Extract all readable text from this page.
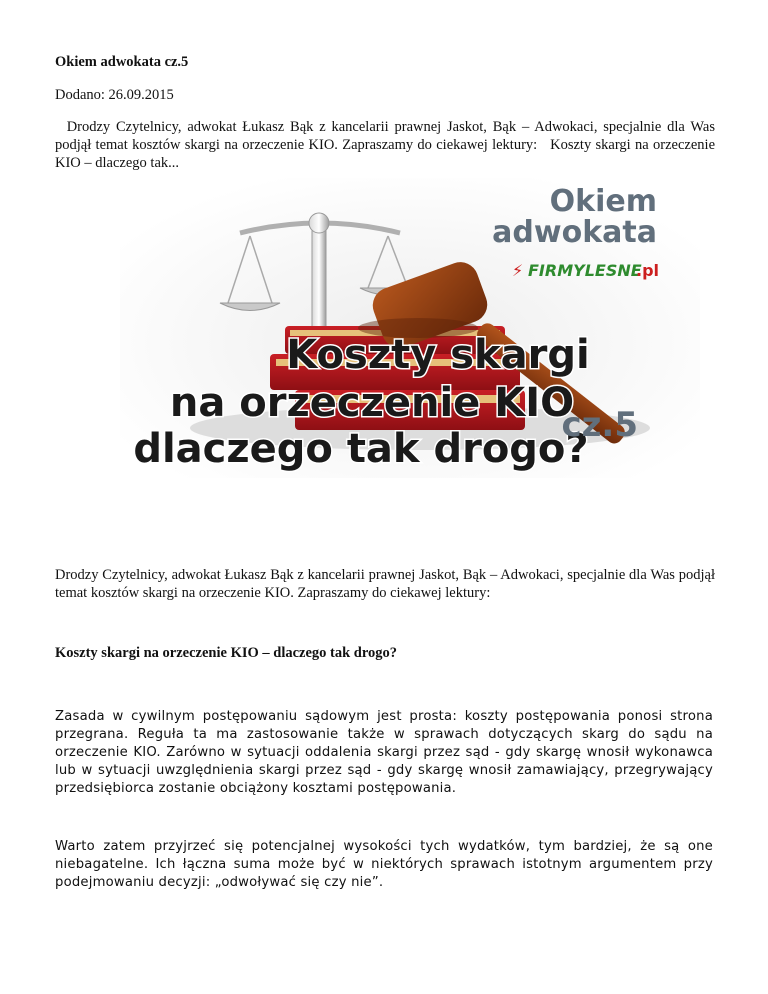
Okiem adwokata cz.5
Dodano: 26.09.2015
Drodzy Czytelnicy, adwokat Łukasz Bąk z kancelarii prawnej Jaskot, Bąk – Adwokaci, specjalnie dla Was podjął temat kosztów skargi na orzeczenie KIO. Zapraszamy do ciekawej lektury:   Koszty skargi na orzeczenie KIO – dlaczego tak...
Okiem
adwokata
⚡ FIRMYLESNE
.pl
Koszty skargi
na orzeczenie KIO
– dlaczego tak drogo?
cz.5
Drodzy Czytelnicy, adwokat Łukasz Bąk z kancelarii prawnej Jaskot, Bąk – Adwokaci, specjalnie dla Was podjął temat kosztów skargi na orzeczenie KIO. Zapraszamy do ciekawej lektury:
Koszty skargi na orzeczenie KIO – dlaczego tak drogo?
Zasada w cywilnym postępowaniu sądowym jest prosta: koszty postępowania ponosi strona przegrana. Reguła ta ma zastosowanie także w sprawach dotyczących skarg do sądu na orzeczenie KIO. Zarówno w sytuacji oddalenia skargi przez sąd - gdy skargę wnosił wykonawca lub w sytuacji uwzględnienia skargi przez sąd - gdy skargę wnosił zamawiający, przegrywający przedsiębiorca zostanie obciążony kosztami postępowania.
Warto zatem przyjrzeć się potencjalnej wysokości tych wydatków, tym bardziej, że są one niebagatelne. Ich łączna suma może być w niektórych sprawach istotnym argumentem przy podejmowaniu decyzji: „odwoływać się czy nie”.
